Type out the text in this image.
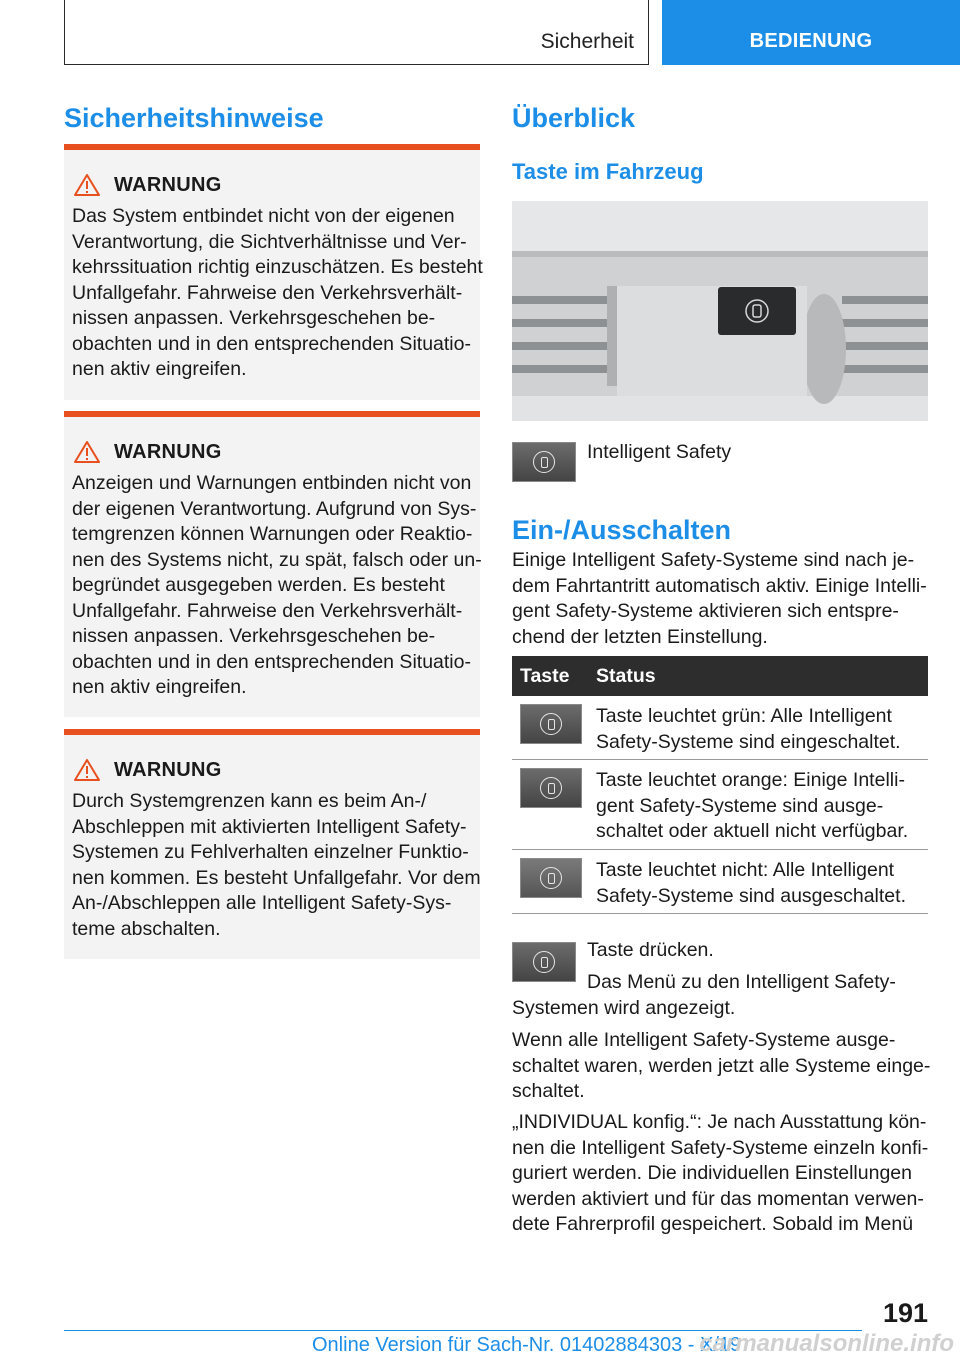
Sicherheit	BEDIENUNG
Sicherheitshinweise
WARNUNG
Das System entbindet nicht von der eigenen
Verantwortung, die Sichtverhältnisse und Ver-
kehrssituation richtig einzuschätzen. Es besteht
Unfallgefahr. Fahrweise den Verkehrsverhält-
nissen anpassen. Verkehrsgeschehen be-
obachten und in den entsprechenden Situatio-
nen aktiv eingreifen.
WARNUNG
Anzeigen und Warnungen entbinden nicht von
der eigenen Verantwortung. Aufgrund von Sys-
temgrenzen können Warnungen oder Reaktio-
nen des Systems nicht, zu spät, falsch oder un-
begründet ausgegeben werden. Es besteht
Unfallgefahr. Fahrweise den Verkehrsverhält-
nissen anpassen. Verkehrsgeschehen be-
obachten und in den entsprechenden Situatio-
nen aktiv eingreifen.
WARNUNG
Durch Systemgrenzen kann es beim An-/
Abschleppen mit aktivierten Intelligent Safety-
Systemen zu Fehlverhalten einzelner Funktio-
nen kommen. Es besteht Unfallgefahr. Vor dem
An-/Abschleppen alle Intelligent Safety-Sys-
teme abschalten.
Überblick
Taste im Fahrzeug
Intelligent Safety
Ein-/Ausschalten
Einige Intelligent Safety-Systeme sind nach je-
dem Fahrtantritt automatisch aktiv. Einige Intelli-
gent Safety-Systeme aktivieren sich entspre-
chend der letzten Einstellung.
Taste	Status
Taste leuchtet grün: Alle Intelligent
Safety-Systeme sind eingeschaltet.
Taste leuchtet orange: Einige Intelli-
gent Safety-Systeme sind ausge-
schaltet oder aktuell nicht verfügbar.
Taste leuchtet nicht: Alle Intelligent
Safety-Systeme sind ausgeschaltet.
Taste drücken.
Das Menü zu den Intelligent Safety-
Systemen wird angezeigt.
Wenn alle Intelligent Safety-Systeme ausge-
schaltet waren, werden jetzt alle Systeme einge-
schaltet.
„INDIVIDUAL konfig.“: Je nach Ausstattung kön-
nen die Intelligent Safety-Systeme einzeln konfi-
guriert werden. Die individuellen Einstellungen
werden aktiviert und für das momentan verwen-
dete Fahrerprofil gespeichert. Sobald im Menü
191
Online Version für Sach-Nr. 01402884303 - X/19
carmanualsonline.info
